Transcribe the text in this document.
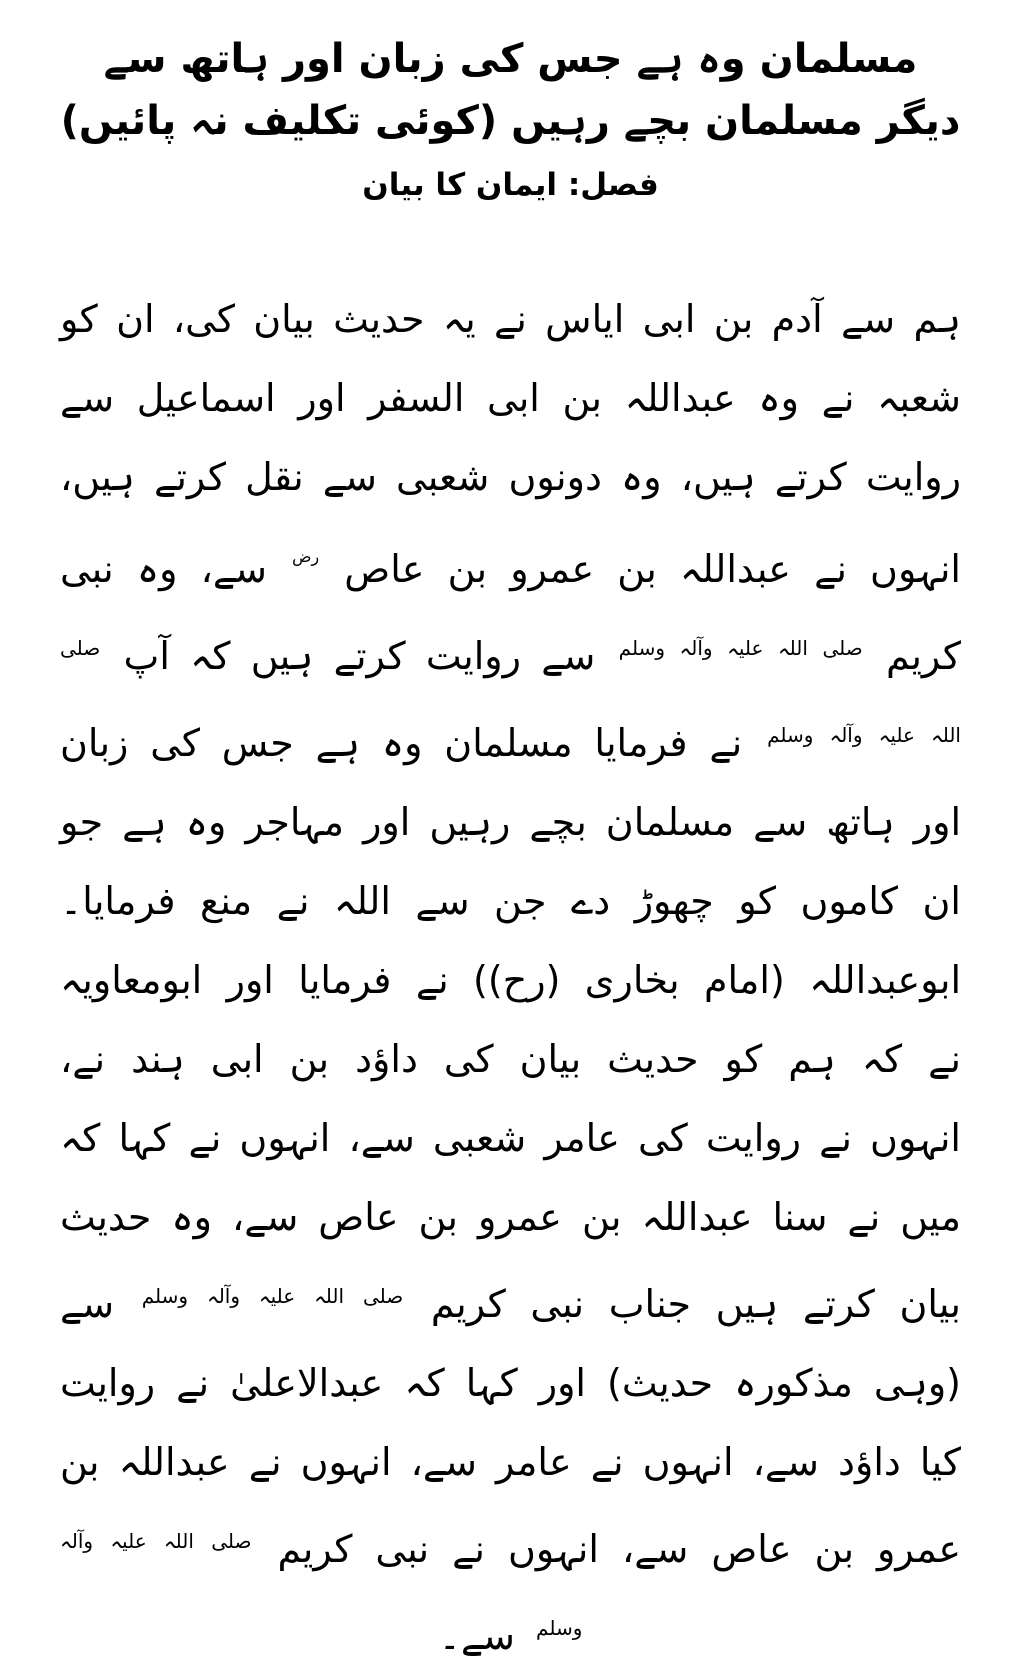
مسلمان وہ ہے جس کی زبان اور ہاتھ سے دیگر مسلمان بچے رہیں (کوئی تکلیف نہ پائیں)
فصل: ایمان کا بیان

ہم سے آدم بن ابی ایاس نے یہ حدیث بیان کی، ان کو شعبہ نے وہ عبداللہ بن ابی السفر اور اسماعیل سے روایت کرتے ہیں، وہ دونوں شعبی سے نقل کرتے ہیں، انہوں نے عبداللہ بن عمرو بن عاص $^{رض}$ سے، وہ نبی کریم $^{صلی اللہ علیہ وآلہ وسلم}$ سے روایت کرتے ہیں کہ آپ $^{صلی اللہ علیہ وآلہ وسلم}$ نے فرمایا مسلمان وہ ہے جس کی زبان اور ہاتھ سے مسلمان بچے رہیں اور مہاجر وہ ہے جو ان کاموں کو چھوڑ دے جن سے اللہ نے منع فرمایا۔ ابوعبداللہ (امام بخاری (رح)) نے فرمایا اور ابومعاویہ نے کہ ہم کو حدیث بیان کی داؤد بن ابی ہند نے، انہوں نے روایت کی عامر شعبی سے، انہوں نے کہا کہ میں نے سنا عبداللہ بن عمرو بن عاص سے، وہ حدیث بیان کرتے ہیں جناب نبی کریم $^{صلی اللہ علیہ وآلہ وسلم}$ سے (وہی مذکورہ حدیث) اور کہا کہ عبدالاعلیٰ نے روایت کیا داؤد سے، انہوں نے عامر سے، انہوں نے عبداللہ بن عمرو بن عاص سے، انہوں نے نبی کریم $^{صلی اللہ علیہ وآلہ وسلم}$ سے۔
